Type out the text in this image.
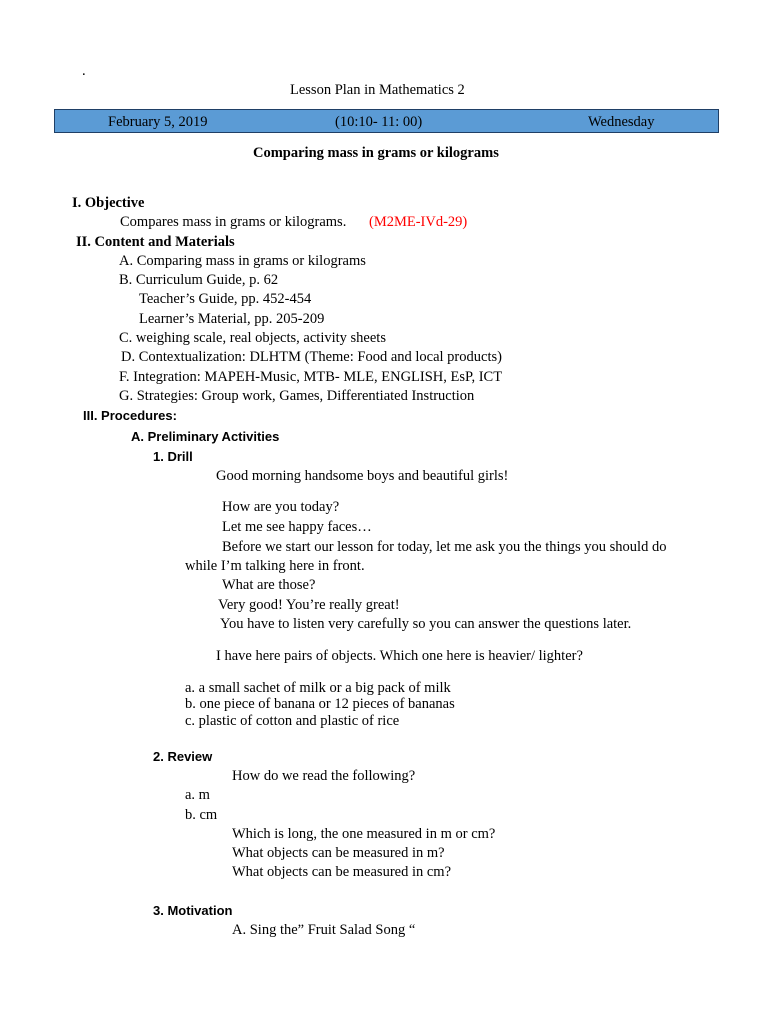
.
Lesson Plan in Mathematics 2
February 5, 2019	(10:10- 11: 00)	Wednesday
Comparing mass in grams or kilograms
I. Objective
Compares mass in grams or kilograms. (M2ME-IVd-29)
II. Content and Materials
A. Comparing mass in grams or kilograms
B. Curriculum Guide, p. 62
Teacher’s Guide, pp. 452-454
Learner’s Material, pp. 205-209
C. weighing scale, real objects, activity sheets
D. Contextualization: DLHTM (Theme: Food and local products)
F. Integration: MAPEH-Music, MTB- MLE, ENGLISH, EsP, ICT
G. Strategies: Group work, Games, Differentiated Instruction
III. Procedures:
A. Preliminary Activities
1. Drill
Good morning handsome boys and beautiful girls!
How are you today?
Let me see happy faces…
Before we start our lesson for today, let me ask you the things you should do
while I’m talking here in front.
What are those?
Very good! You’re really great!
You have to listen very carefully so you can answer the questions later.
I have here pairs of objects. Which one here is heavier/ lighter?
a. a small sachet of milk or a big pack of milk
b. one piece of banana or 12 pieces of bananas
c. plastic of cotton and plastic of rice
2. Review
How do we read the following?
a. m
b. cm
Which is long, the one measured in m or cm?
What objects can be measured in m?
What objects can be measured in cm?
3. Motivation
A. Sing the” Fruit Salad Song “
